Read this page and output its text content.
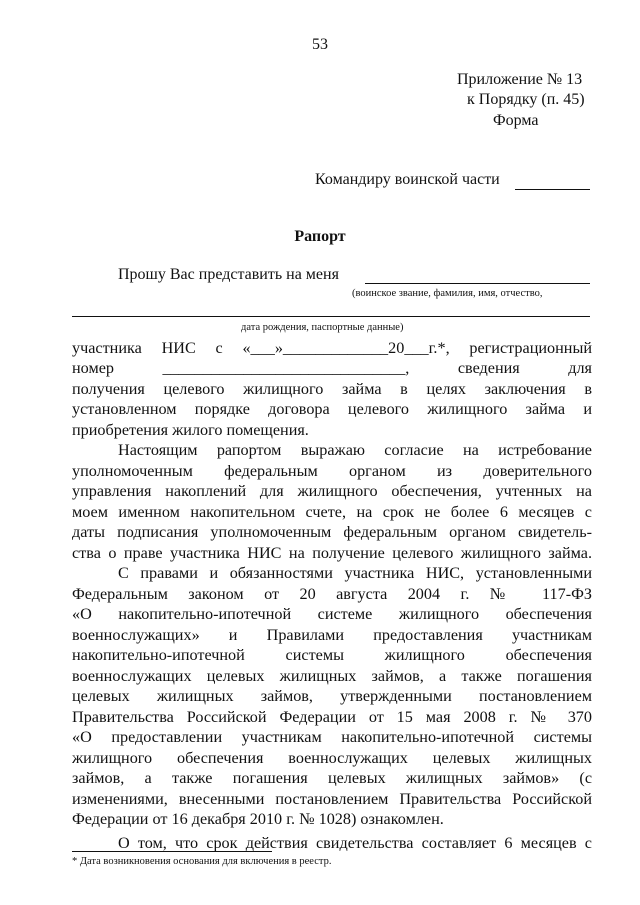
53
Приложение № 13
к Порядку (п. 45)
Форма
Командиру воинской части
Рапорт
Прошу Вас представить на меня
(воинское звание, фамилия, имя, отчество,
дата рождения, паспортные данные)
участника НИС с «___»_____________20___г.*, регистрационный
номер ______________________________, сведения для
получения целевого жилищного займа в целях заключения в
установленном порядке договора целевого жилищного займа и
приобретения жилого помещения.
Настоящим рапортом выражаю согласие на истребование
уполномоченным федеральным органом из доверительного
управления накоплений для жилищного обеспечения, учтенных на
моем именном накопительном счете, на срок не более 6 месяцев с
даты подписания уполномоченным федеральным органом свидетель-
ства о праве участника НИС на получение целевого жилищного займа.
С правами и обязанностями участника НИС, установленными
Федеральным законом от 20 августа 2004 г. № 117-ФЗ
«О накопительно-ипотечной системе жилищного обеспечения
военнослужащих» и Правилами предоставления участникам
накопительно-ипотечной системы жилищного обеспечения
военнослужащих целевых жилищных займов, а также погашения
целевых жилищных займов, утвержденными постановлением
Правительства Российской Федерации от 15 мая 2008 г. № 370
«О предоставлении участникам накопительно-ипотечной системы
жилищного обеспечения военнослужащих целевых жилищных
займов, а также погашения целевых жилищных займов» (с
изменениями, внесенными постановлением Правительства Российской
Федерации от 16 декабря 2010 г. № 1028) ознакомлен.
О том, что срок действия свидетельства составляет 6 месяцев с
* Дата возникновения основания для включения в реестр.
